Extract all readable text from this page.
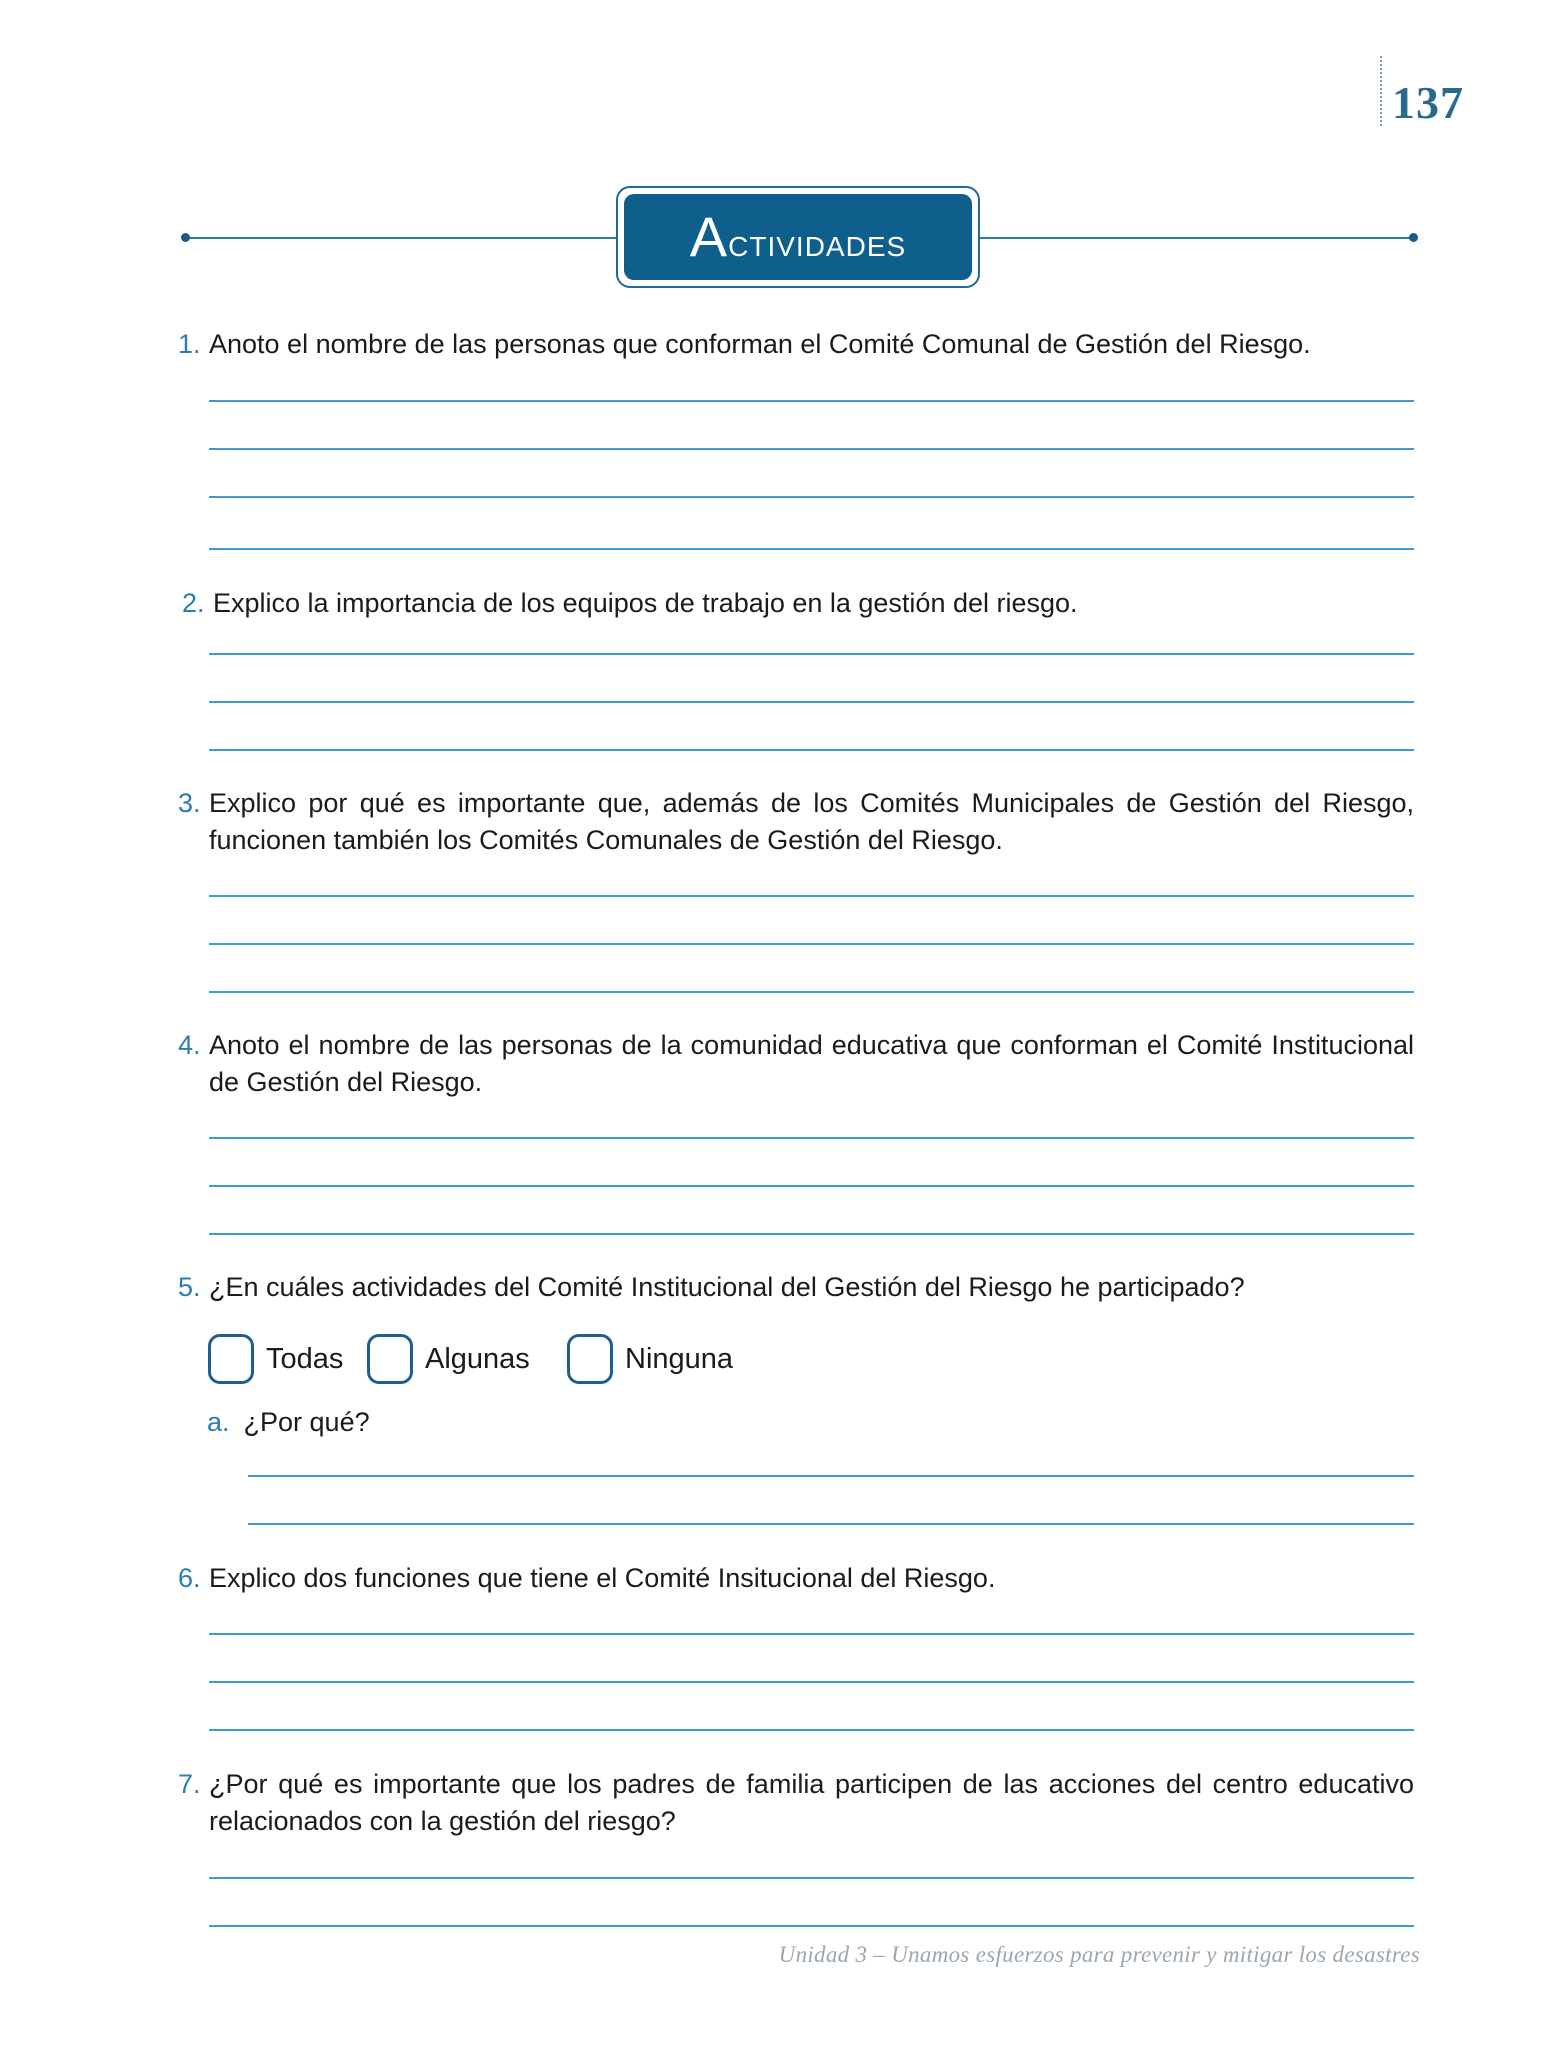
137
Actividades
1. Anoto el nombre de las personas que conforman el Comité Comunal de Gestión del Riesgo.
2. Explico la importancia de los equipos de trabajo en la gestión del riesgo.
3. Explico por qué es importante que, además de los Comités Municipales de Gestión del Riesgo, funcionen también los Comités Comunales de Gestión del Riesgo.
4. Anoto el nombre de las personas de la comunidad educativa que conforman el Comité Institucional de Gestión del Riesgo.
5. ¿En cuáles actividades del Comité Institucional del Gestión del Riesgo he participado?
Todas	Algunas	Ninguna
a. ¿Por qué?
6. Explico dos funciones que tiene el Comité Insitucional del Riesgo.
7. ¿Por qué es importante que los padres de familia participen de las acciones del centro educativo relacionados con la gestión del riesgo?
Unidad 3 – Unamos esfuerzos para prevenir y mitigar los desastres
